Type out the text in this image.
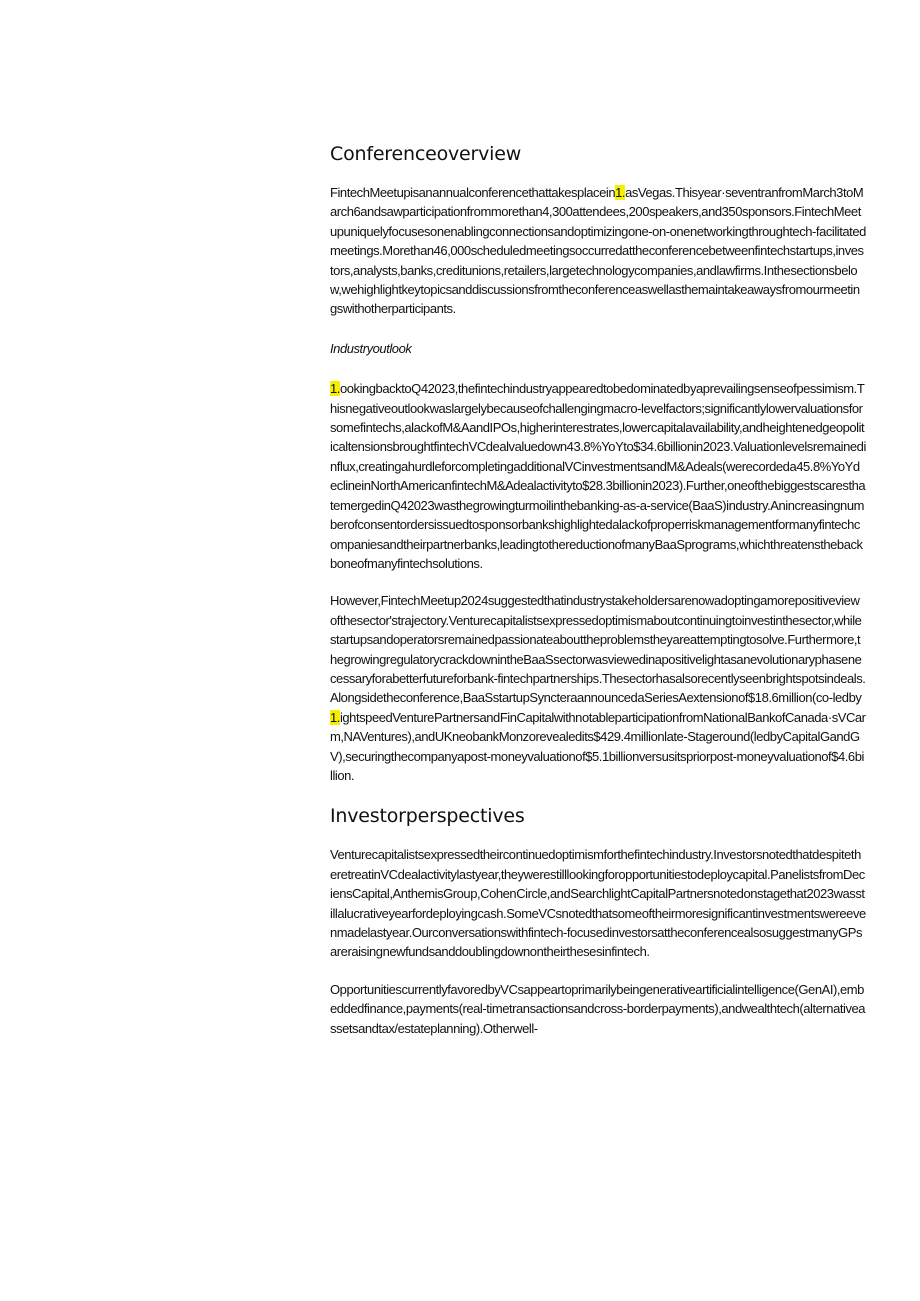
Conferenceoverview

FintechMeetupisanannualconferencethattakesplacein1.asVegas.Thisyear·seventranfromMarch3toMarch6andsawparticipationfrommorethan4,300attendees,200speakers,and350sponsors.FintechMeetupuniquelyfocusesonenablingconnectionsandoptimizingone-on-onenetworkingthroughtech-facilitatedmeetings.Morethan46,000scheduledmeetingsoccurredattheconferencebetweenfintechstartups,investors,analysts,banks,creditunions,retailers,largetechnologycompanies,andlawfirms.Inthesectionsbelow,wehighlightkeytopicsanddiscussionsfromtheconferenceaswellasthemaintakeawaysfromourmeetingswithotherparticipants.

Industryoutlook

1.ookingbacktoQ42023,thefintechindustryappearedtobedominatedbyaprevailingsenseofpessimism.Thisnegativeoutlookwaslargelybecauseofchallengingmacro-levelfactors;significantlylowervaluationsforsomefintechs,alackofM&AandIPOs,higherinterestrates,lowercapitalavailability,andheightenedgeopoliticaltensionsbroughtfintechVCdealvaluedown43.8%YoYto$34.6billionin2023.Valuationlevelsremainedinflux,creatingahurdleforcompletingadditionalVCinvestmentsandM&Adeals(werecordeda45.8%YoYdeclineinNorthAmericanfintechM&Adealactivityto$28.3billionin2023).Further,oneofthebiggestscaresthatemergedinQ42023wasthegrowingturmoilinthebanking-as-a-service(BaaS)industry.Anincreasingnumberofconsentordersissuedtosponsorbankshighlightedalackofproperriskmanagementformanyfintechcompaniesandtheirpartnerbanks,leadingtothereductionofmanyBaaSprograms,whichthreatensthebackboneofmanyfintechsolutions.

However,FintechMeetup2024suggestedthatindustrystakeholdersarenowadoptingamorepositiveviewofthesector'strajectory.Venturecapitalistsexpressedoptimismaboutcontinuingtoinvestinthesector,whilestartupsandoperatorsremainedpassionateabouttheproblemstheyareattemptingtosolve.Furthermore,thegrowingregulatorycrackdownintheBaaSsectorwasviewedinapositivelightasanevolutionaryphasenecessaryforabetterfutureforbank-fintechpartnerships.Thesectorhasalsorecentlyseenbrightspotsindeals.Alongsidetheconference,BaaSstartupSyncteraannouncedaSeriesAextensionof$18.6million(co-ledby1.ightspeedVenturePartnersandFinCapitalwithnotableparticipationfromNationalBankofCanada·sVCarm,NAVentures),andUKneobankMonzorevealedits$429.4millionlate-Stageround(ledbyCapitalGandGV),securingthecompanyapost-moneyvaluationof$5.1billionversusitspriorpost-moneyvaluationof$4.6billion.

Investorperspectives

Venturecapitalistsexpressedtheircontinuedoptimismforthefintechindustry.InvestorsnotedthatdespitetheretreatinVCdealactivitylastyear,theywerestilllookingforopportunitiestodeploycapital.PanelistsfromDeciensCapital,AnthemisGroup,CohenCircle,andSearchlightCapitalPartnersnotedonstagethat2023wasstillalucrativeyearfordeployingcash.SomeVCsnotedthatsomeoftheirmoresignificantinvestmentswereevenmadelastyear.Ourconversationswithfintech-focusedinvestorsattheconferencealsosuggestmanyGPsareraisingnewfundsanddoublingdownontheirthesesinfintech.

OpportunitiescurrentlyfavoredbyVCsappeartoprimarilybeingenerativeartificialintelligence(GenAI),embeddedfinance,payments(real-timetransactionsandcross-borderpayments),andwealthtech(alternativeassetsandtax/estateplanning).Otherwell-
